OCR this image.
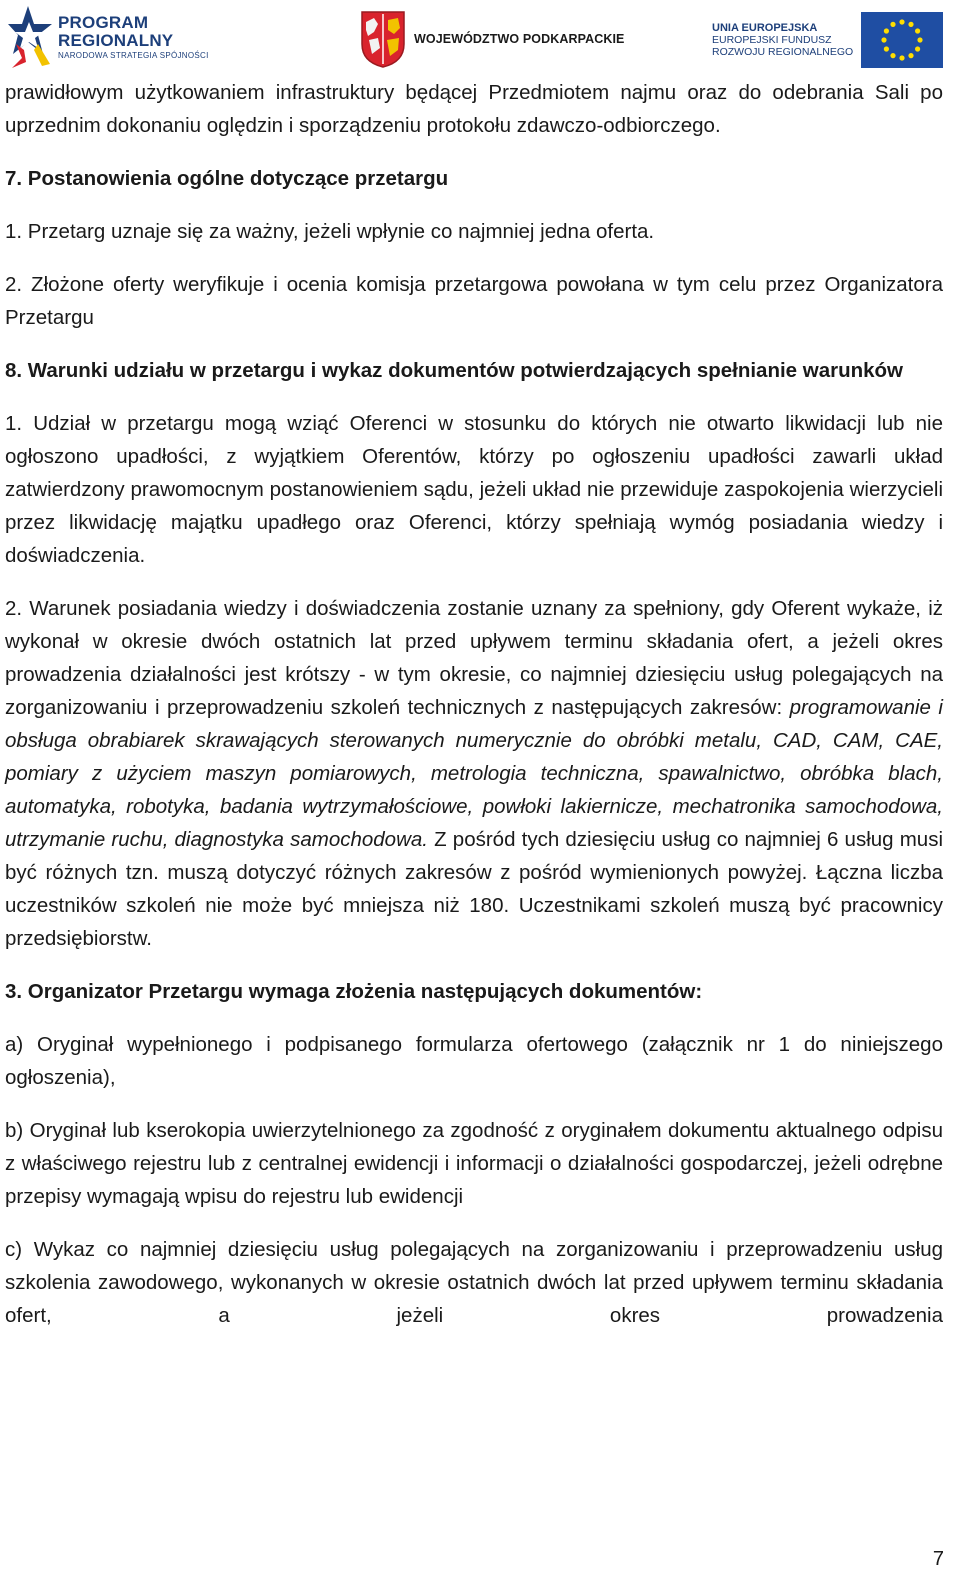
PROGRAM
REGIONALNY
NARODOWA STRATEGIA SPÓJNOŚCI
WOJEWÓDZTWO PODKARPACKIE
UNIA EUROPEJSKA
EUROPEJSKI FUNDUSZ
ROZWOJU REGIONALNEGO

prawidłowym użytkowaniem infrastruktury będącej Przedmiotem najmu oraz do odebrania Sali po uprzednim dokonaniu oględzin i sporządzeniu protokołu zdawczo-odbiorczego.

7. Postanowienia ogólne dotyczące przetargu

1. Przetarg uznaje się za ważny, jeżeli wpłynie co najmniej jedna oferta.

2. Złożone oferty weryfikuje i ocenia komisja przetargowa powołana w tym celu przez Organizatora Przetargu

8. Warunki udziału w przetargu i wykaz dokumentów potwierdzających spełnianie warunków

1. Udział w przetargu mogą wziąć Oferenci w stosunku do których nie otwarto likwidacji lub nie ogłoszono upadłości, z wyjątkiem Oferentów, którzy po ogłoszeniu upadłości zawarli układ zatwierdzony prawomocnym postanowieniem sądu, jeżeli układ nie przewiduje zaspokojenia wierzycieli przez likwidację majątku upadłego oraz Oferenci, którzy spełniają wymóg posiadania wiedzy i doświadczenia.

2. Warunek posiadania wiedzy i doświadczenia zostanie uznany za spełniony, gdy Oferent wykaże, iż wykonał w okresie dwóch ostatnich lat przed upływem terminu składania ofert, a jeżeli okres prowadzenia działalności jest krótszy - w tym okresie, co najmniej dziesięciu usług polegających na zorganizowaniu i przeprowadzeniu szkoleń technicznych z następujących zakresów: programowanie i obsługa obrabiarek skrawających sterowanych numerycznie do obróbki metalu, CAD, CAM, CAE, pomiary z użyciem maszyn pomiarowych, metrologia techniczna, spawalnictwo, obróbka blach, automatyka, robotyka, badania wytrzymałościowe, powłoki lakiernicze, mechatronika samochodowa, utrzymanie ruchu, diagnostyka samochodowa. Z pośród tych dziesięciu usług co najmniej 6 usług musi być różnych tzn. muszą dotyczyć różnych zakresów z pośród wymienionych powyżej. Łączna liczba uczestników szkoleń nie może być mniejsza niż 180. Uczestnikami szkoleń muszą być pracownicy przedsiębiorstw.

3. Organizator Przetargu wymaga złożenia następujących dokumentów:

a) Oryginał wypełnionego i podpisanego formularza ofertowego (załącznik nr 1 do niniejszego ogłoszenia),

b) Oryginał lub kserokopia uwierzytelnionego za zgodność z oryginałem dokumentu aktualnego odpisu z właściwego rejestru lub z centralnej ewidencji i informacji o działalności gospodarczej, jeżeli odrębne przepisy wymagają wpisu do rejestru lub ewidencji

c) Wykaz co najmniej dziesięciu usług polegających na zorganizowaniu i przeprowadzeniu usług szkolenia zawodowego, wykonanych w okresie ostatnich dwóch lat przed upływem terminu składania ofert, a jeżeli okres prowadzenia

7
